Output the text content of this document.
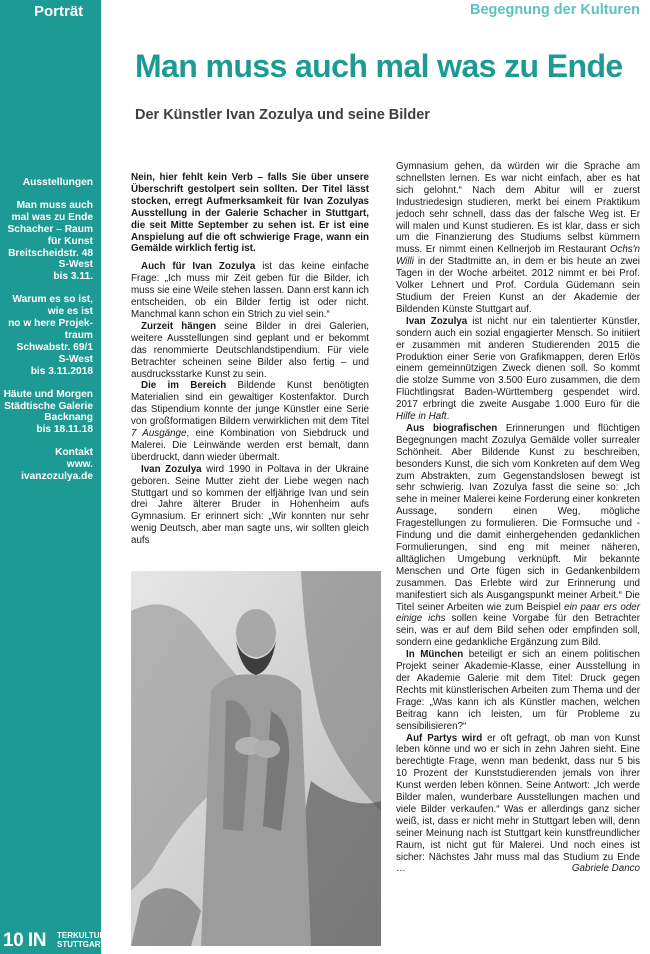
Porträt
Ausstellungen
Man muss auch
mal was zu Ende
Schacher – Raum
für Kunst
Breitscheidstr. 48
S-West
bis 3.11.
Warum es so ist,
wie es ist
no w here Projek-
traum
Schwabstr. 69/1
S-West
bis 3.11.2018
Häute und Morgen
Städtische Galerie
Backnang
bis 18.11.18
Kontakt
www.
ivanzozulya.de
10 IN TERKULTUR
STUTTGART
Begegnung der Kulturen
Man muss auch mal was zu Ende
Der Künstler Ivan Zozulya und seine Bilder

Nein, hier fehlt kein Verb – falls Sie über unsere Überschrift gestolpert sein sollten. Der Titel lässt stocken, erregt Aufmerksamkeit für Ivan Zozulyas Ausstellung in der Galerie Schacher in Stuttgart, die seit Mitte September zu sehen ist. Er ist eine Anspielung auf die oft schwierige Frage, wann ein Gemälde wirklich fertig ist.

Auch für Ivan Zozulya ist das keine einfache Frage: „Ich muss mir Zeit geben für die Bilder, ich muss sie eine Weile stehen lassen. Dann erst kann ich entscheiden, ob ein Bilder fertig ist oder nicht. Manchmal kann schon ein Strich zu viel sein.“

Zurzeit hängen seine Bilder in drei Galerien, weitere Ausstellungen sind geplant und er bekommt das renommierte Deutschlandstipendium. Für viele Betrachter scheinen seine Bilder also fertig – und ausdrucksstarke Kunst zu sein.

Die im Bereich Bildende Kunst benötigten Materialien sind ein gewaltiger Kostenfaktor. Durch das Stipendium konnte der junge Künstler eine Serie von großformatigen Bildern verwirklichen mit dem Titel 7 Ausgänge, eine Kombination von Siebdruck und Malerei. Die Leinwände werden erst bemalt, dann überdruckt, dann wieder übermalt.

Ivan Zozulya wird 1990 in Poltava in der Ukraine geboren. Seine Mutter zieht der Liebe wegen nach Stuttgart und so kommen der elfjährige Ivan und sein drei Jahre älterer Bruder in Hohenheim aufs Gymnasium. Er erinnert sich: „Wir konnten nur sehr wenig Deutsch, aber man sagte uns, wir sollten gleich aufs

Gymnasium gehen, da würden wir die Sprache am schnellsten lernen. Es war nicht einfach, aber es hat sich gelohnt.“ Nach dem Abitur will er zuerst Industriedesign studieren, merkt bei einem Praktikum jedoch sehr schnell, dass das der falsche Weg ist. Er will malen und Kunst studieren. Es ist klar, dass er sich um die Finanzierung des Studiums selbst kümmern muss. Er nimmt einen Kellnerjob im Restaurant Ochs'n Willi in der Stadtmitte an, in dem er bis heute an zwei Tagen in der Woche arbeitet. 2012 nimmt er bei Prof. Volker Lehnert und Prof. Cordula Güdemann sein Studium der Freien Kunst an der Akademie der Bildenden Künste Stuttgart auf.

Ivan Zozulya ist nicht nur ein talentierter Künstler, sondern auch ein sozial engagierter Mensch. So initiiert er zusammen mit anderen Studierenden 2015 die Produktion einer Serie von Grafikmappen, deren Erlös einem gemeinnützigen Zweck dienen soll. So kommt die stolze Summe von 3.500 Euro zusammen, die dem Flüchtlingsrat Baden-Württemberg gespendet wird. 2017 erbringt die zweite Ausgabe 1.000 Euro für die Hilfe in Haft.

Aus biografischen Erinnerungen und flüchtigen Begegnungen macht Zozulya Gemälde voller surrealer Schönheit. Aber Bildende Kunst zu beschreiben, besonders Kunst, die sich vom Konkreten auf dem Weg zum Abstrakten, zum Gegenstandslosen bewegt ist sehr schwierig. Ivan Zozulya fasst die seine so: „Ich sehe in meiner Malerei keine Forderung einer konkreten Aussage, sondern einen Weg, mögliche Fragestellungen zu formulieren. Die Formsuche und -Findung und die damit einhergehenden gedanklichen Formulierungen, sind eng mit meiner näheren, alltäglichen Umgebung verknüpft. Mir bekannte Menschen und Orte fügen sich in Gedankenbildern zusammen. Das Erlebte wird zur Erinnerung und manifestiert sich als Ausgangspunkt meiner Arbeit.“ Die Titel seiner Arbeiten wie zum Beispiel ein paar ers oder einige ichs sollen keine Vorgabe für den Betrachter sein, was er auf dem Bild sehen oder empfinden soll, sondern eine gedankliche Ergänzung zum Bild.

In München beteiligt er sich an einem politischen Projekt seiner Akademie-Klasse, einer Ausstellung in der Akademie Galerie mit dem Titel: Druck gegen Rechts mit künstlerischen Arbeiten zum Thema und der Frage: „Was kann ich als Künstler machen, welchen Beitrag kann ich leisten, um für Probleme zu sensibilisieren?“

Auf Partys wird er oft gefragt, ob man von Kunst leben könne und wo er sich in zehn Jahren sieht. Eine berechtigte Frage, wenn man bedenkt, dass nur 5 bis 10 Prozent der Kunststudierenden jemals von ihrer Kunst werden leben können. Seine Antwort: „Ich werde Bilder malen, wunderbare Ausstellungen machen und viele Bilder verkaufen.“ Was er allerdings ganz sicher weiß, ist, dass er nicht mehr in Stuttgart leben will, denn seiner Meinung nach ist Stuttgart kein kunstfreundlicher Raum, ist nicht gut für Malerei. Und noch eines ist sicher: Nächstes Jahr muss mal das Studium zu Ende …	Gabriele Danco
